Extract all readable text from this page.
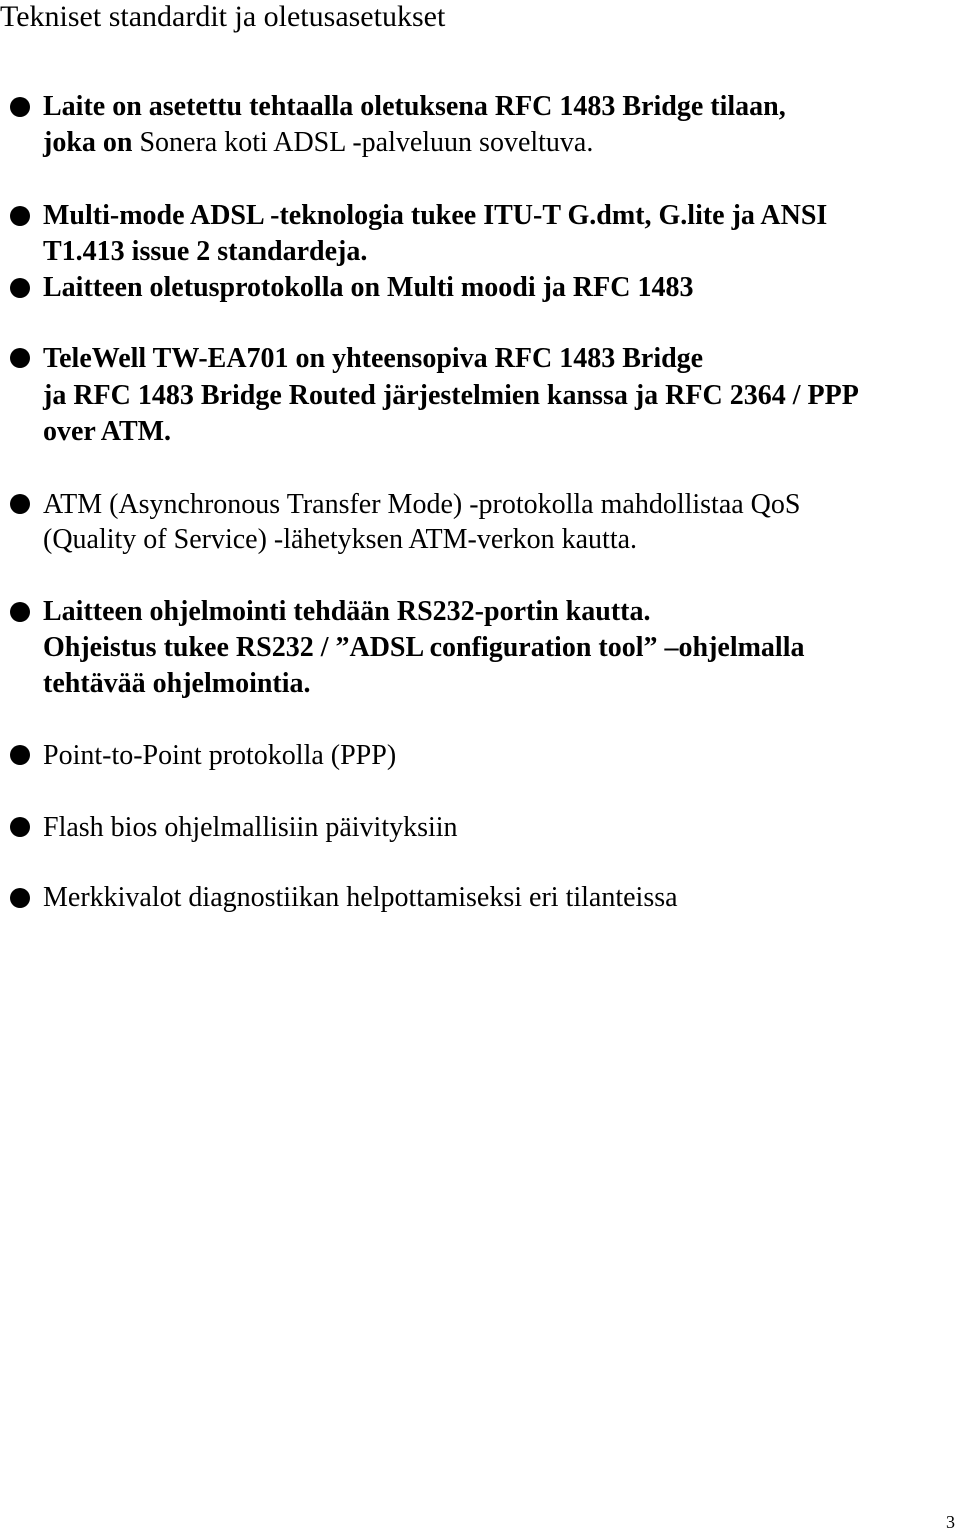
Tekniset standardit ja oletusasetukset

Laite on asetettu tehtaalla oletuksena RFC 1483 Bridge tilaan,

joka on Sonera koti ADSL -palveluun soveltuva.

Multi-mode ADSL -teknologia tukee ITU-T G.dmt, G.lite ja ANSI

T1.413 issue 2 standardeja.

Laitteen oletusprotokolla on Multi moodi ja RFC 1483

TeleWell TW-EA701 on yhteensopiva RFC 1483 Bridge

ja RFC 1483 Bridge Routed järjestelmien kanssa ja RFC 2364 / PPP

over ATM.

ATM (Asynchronous Transfer Mode) -protokolla mahdollistaa QoS

(Quality of Service) -lähetyksen ATM-verkon kautta.

Laitteen ohjelmointi tehdään RS232-portin kautta.

Ohjeistus tukee RS232 / ”ADSL configuration tool” –ohjelmalla

tehtävää ohjelmointia.

Point-to-Point protokolla (PPP)

Flash bios ohjelmallisiin päivityksiin

Merkkivalot diagnostiikan helpottamiseksi eri tilanteissa

3
